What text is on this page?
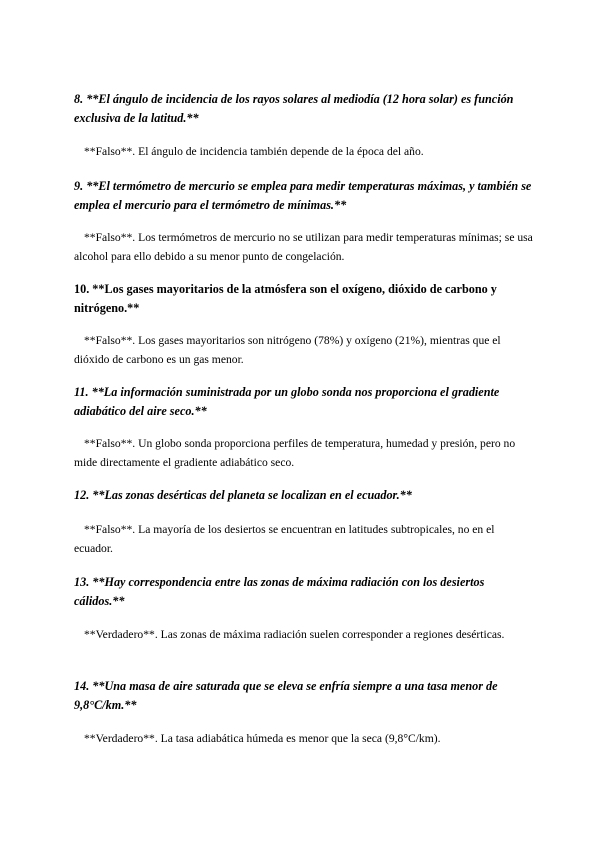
8. **El ángulo de incidencia de los rayos solares al mediodía (12 hora solar) es función exclusiva de la latitud.**

**Falso**. El ángulo de incidencia también depende de la época del año.

9. **El termómetro de mercurio se emplea para medir temperaturas máximas, y también se emplea el mercurio para el termómetro de mínimas.**

**Falso**. Los termómetros de mercurio no se utilizan para medir temperaturas mínimas; se usa alcohol para ello debido a su menor punto de congelación.

10. **Los gases mayoritarios de la atmósfera son el oxígeno, dióxido de carbono y nitrógeno.**

**Falso**. Los gases mayoritarios son nitrógeno (78%) y oxígeno (21%), mientras que el dióxido de carbono es un gas menor.

11. **La información suministrada por un globo sonda nos proporciona el gradiente adiabático del aire seco.**

**Falso**. Un globo sonda proporciona perfiles de temperatura, humedad y presión, pero no mide directamente el gradiente adiabático seco.

12. **Las zonas desérticas del planeta se localizan en el ecuador.**

**Falso**. La mayoría de los desiertos se encuentran en latitudes subtropicales, no en el ecuador.

13. **Hay correspondencia entre las zonas de máxima radiación con los desiertos cálidos.**

**Verdadero**. Las zonas de máxima radiación suelen corresponder a regiones desérticas.

14. **Una masa de aire saturada que se eleva se enfría siempre a una tasa menor de 9,8°C/km.**

**Verdadero**. La tasa adiabática húmeda es menor que la seca (9,8°C/km).
